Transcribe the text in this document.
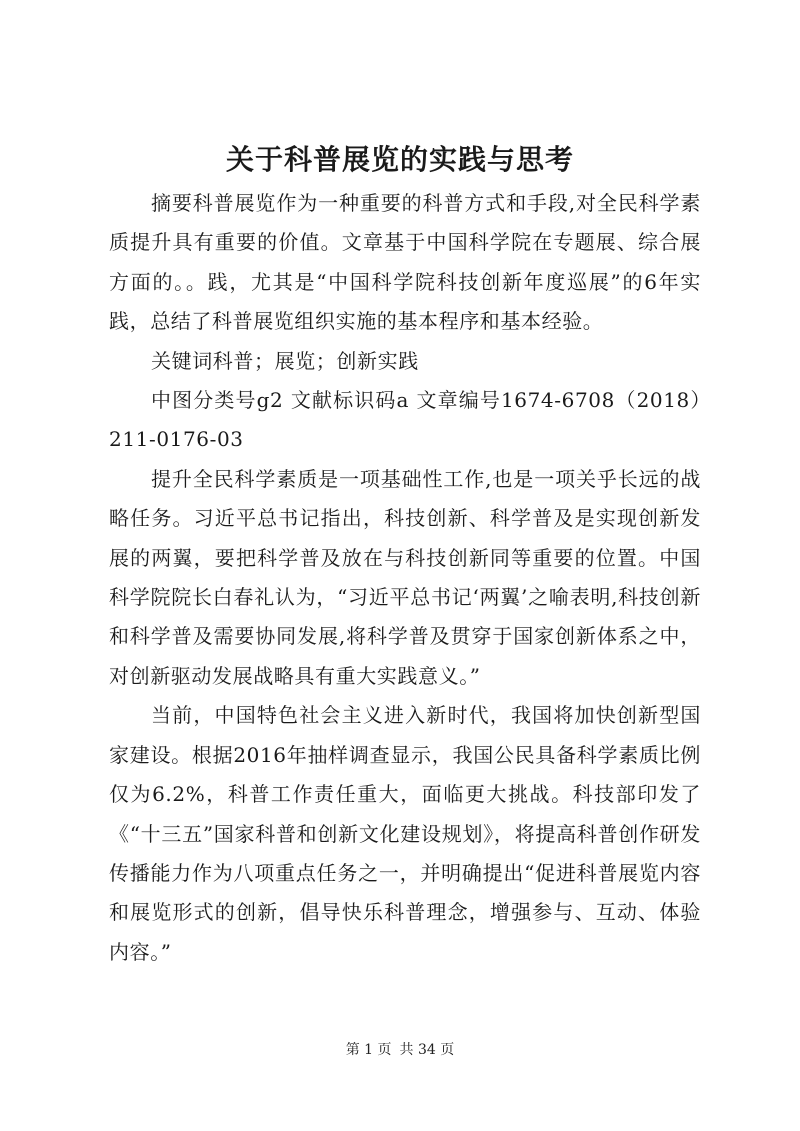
关于科普展览的实践与思考

摘要科普展览作为一种重要的科普方式和手段,对全民科学素质提升具有重要的价值。文章基于中国科学院在专题展、综合展方面的。。践，尤其是“中国科学院科技创新年度巡展”的6年实践，总结了科普展览组织实施的基本程序和基本经验。

关键词科普；展览；创新实践

中图分类号g2 文献标识码a 文章编号1674-6708（2018）211-0176-03

提升全民科学素质是一项基础性工作,也是一项关乎长远的战略任务。习近平总书记指出，科技创新、科学普及是实现创新发展的两翼，要把科学普及放在与科技创新同等重要的位置。中国科学院院长白春礼认为，“习近平总书记‘两翼’之喻表明,科技创新和科学普及需要协同发展,将科学普及贯穿于国家创新体系之中，对创新驱动发展战略具有重大实践意义。”

当前，中国特色社会主义进入新时代，我国将加快创新型国家建设。根据2016年抽样调查显示，我国公民具备科学素质比例仅为6.2%，科普工作责任重大，面临更大挑战。科技部印发了《“十三五”国家科普和创新文化建设规划》，将提高科普创作研发传播能力作为八项重点任务之一，并明确提出“促进科普展览内容和展览形式的创新，倡导快乐科普理念，增强参与、互动、体验内容。”

第 1 页 共 34 页
